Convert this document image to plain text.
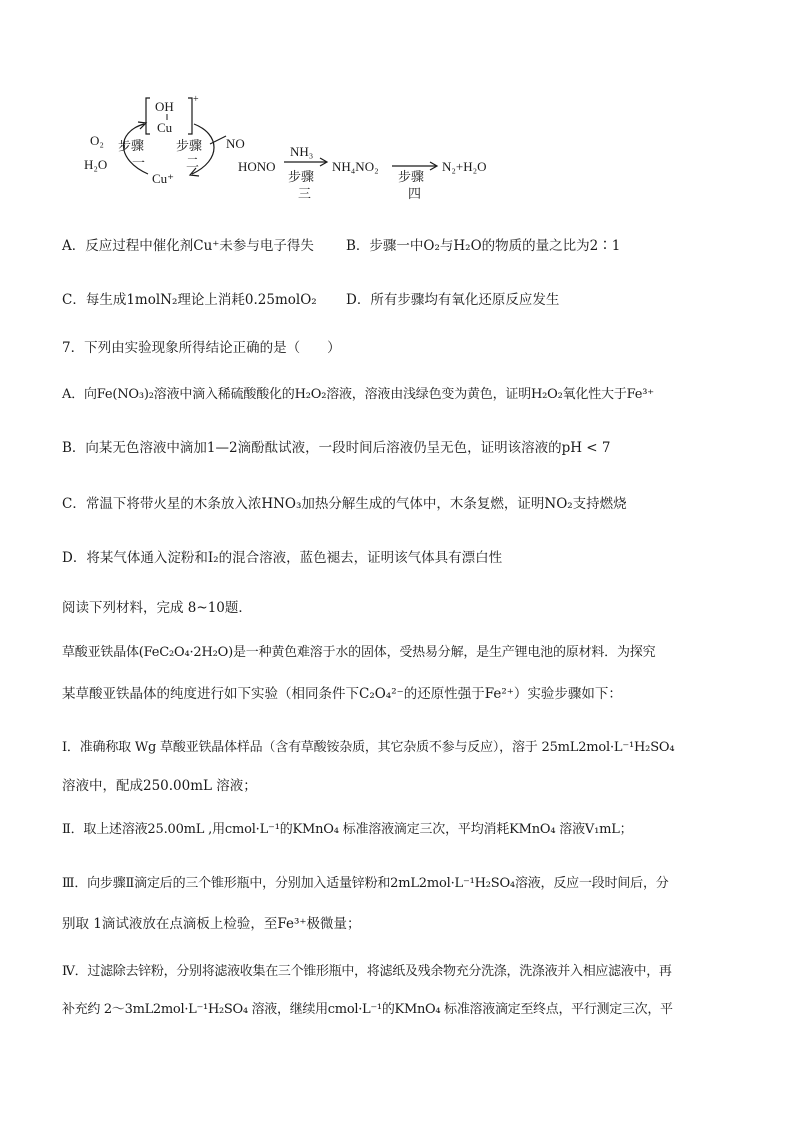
OH
Cu
+
O₂
H₂O
步骤
一
步骤
二
Cu⁺
NO
HONO
NH₃
步骤
三
NH₄NO₂
步骤
四
N₂+H₂O
A．反应过程中催化剂Cu⁺未参与电子得失 B．步骤一中O₂与H₂O的物质的量之比为2∶1
C．每生成1molN₂理论上消耗0.25molO₂ D．所有步骤均有氧化还原反应发生
7．下列由实验现象所得结论正确的是（　　）
A．向Fe(NO₃)₂溶液中滴入稀硫酸酸化的H₂O₂溶液，溶液由浅绿色变为黄色，证明H₂O₂氧化性大于Fe³⁺
B．向某无色溶液中滴加1—2滴酚酞试液，一段时间后溶液仍呈无色，证明该溶液的pH < 7
C．常温下将带火星的木条放入浓HNO₃加热分解生成的气体中，木条复燃，证明NO₂支持燃烧
D．将某气体通入淀粉和I₂的混合溶液，蓝色褪去，证明该气体具有漂白性
阅读下列材料，完成 8~10题．
草酸亚铁晶体(FeC₂O₄·2H₂O)是一种黄色难溶于水的固体，受热易分解，是生产锂电池的原材料．为探究
某草酸亚铁晶体的纯度进行如下实验（相同条件下C₂O₄²⁻的还原性强于Fe²⁺）实验步骤如下：
Ⅰ．准确称取 Wg 草酸亚铁晶体样品（含有草酸铵杂质，其它杂质不参与反应），溶于 25mL2mol·L⁻¹H₂SO₄
溶液中，配成250.00mL 溶液；
Ⅱ．取上述溶液25.00mL ,用cmol·L⁻¹的KMnO₄ 标准溶液滴定三次，平均消耗KMnO₄ 溶液V₁mL；
Ⅲ．向步骤Ⅱ滴定后的三个锥形瓶中，分别加入适量锌粉和2mL2mol·L⁻¹H₂SO₄溶液，反应一段时间后，分
别取 1滴试液放在点滴板上检验，至Fe³⁺极微量；
Ⅳ．过滤除去锌粉，分别将滤液收集在三个锥形瓶中，将滤纸及残余物充分洗涤，洗涤液并入相应滤液中，再
补充约 2～3mL2mol·L⁻¹H₂SO₄ 溶液，继续用cmol·L⁻¹的KMnO₄ 标准溶液滴定至终点，平行测定三次，平
